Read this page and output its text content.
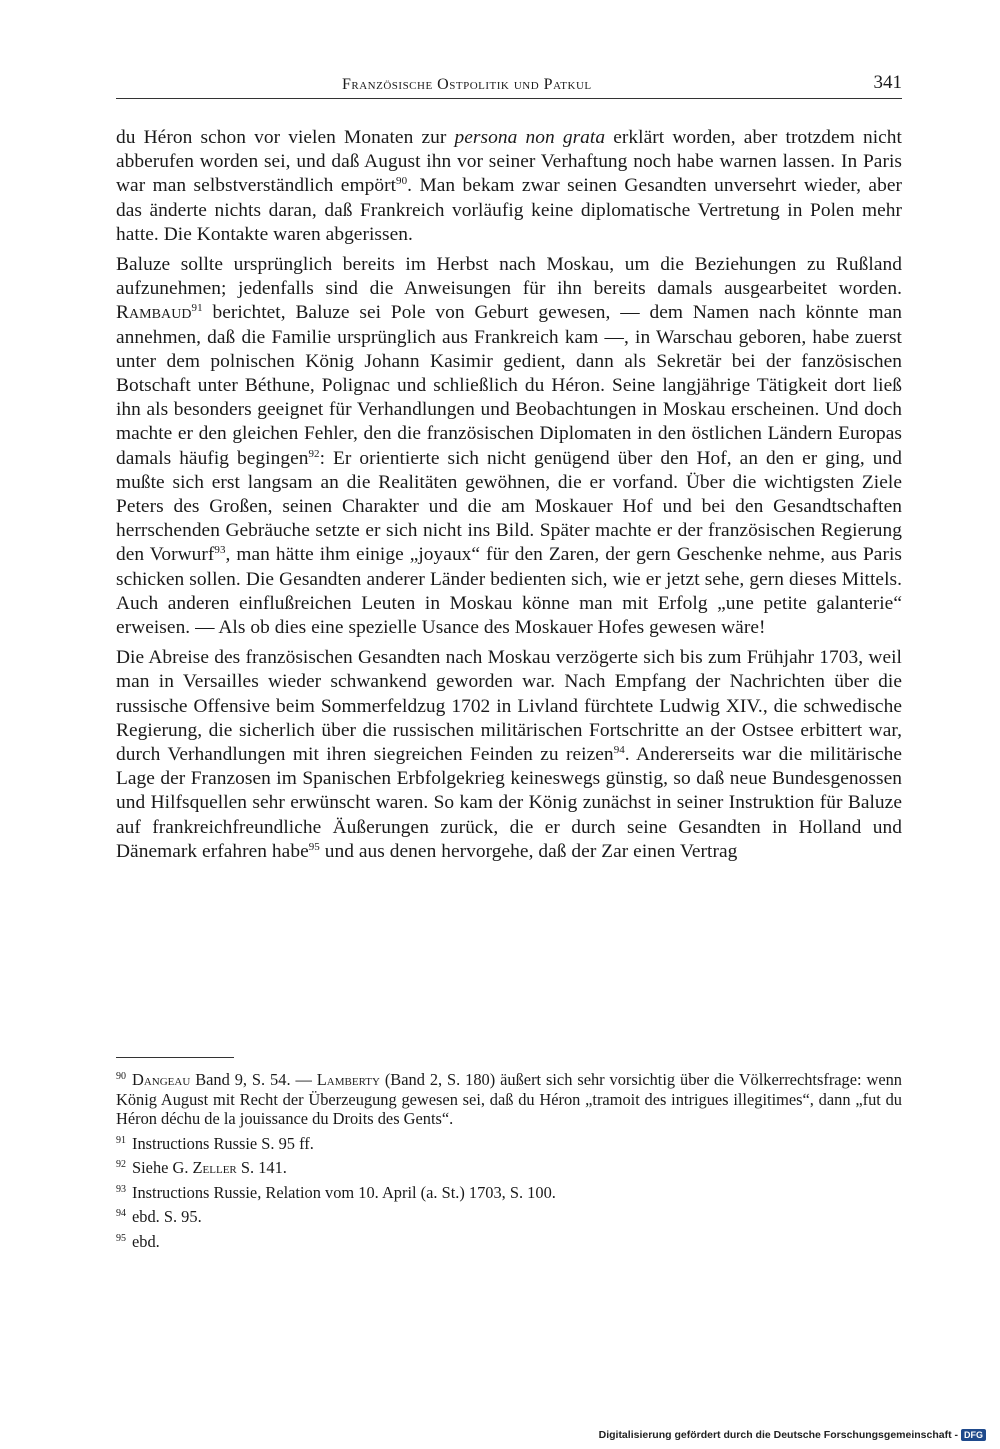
Französische Ostpolitik und Patkul	341

du Héron schon vor vielen Monaten zur persona non grata erklärt worden, aber trotzdem nicht abberufen worden sei, und daß August ihn vor seiner Verhaftung noch habe warnen lassen. In Paris war man selbstverständlich empört$^{90}$. Man bekam zwar seinen Gesandten unversehrt wieder, aber das änderte nichts daran, daß Frankreich vorläufig keine diplomatische Vertretung in Polen mehr hatte. Die Kontakte waren abgerissen.

Baluze sollte ursprünglich bereits im Herbst nach Moskau, um die Beziehungen zu Rußland aufzunehmen; jedenfalls sind die Anweisungen für ihn bereits damals ausgearbeitet worden. Rambaud$^{91}$ berichtet, Baluze sei Pole von Geburt gewesen, — dem Namen nach könnte man annehmen, daß die Familie ursprünglich aus Frankreich kam —, in Warschau geboren, habe zuerst unter dem polnischen König Johann Kasimir gedient, dann als Sekretär bei der fanzösischen Botschaft unter Béthune, Polignac und schließlich du Héron. Seine langjährige Tätigkeit dort ließ ihn als besonders geeignet für Verhandlungen und Beobachtungen in Moskau erscheinen. Und doch machte er den gleichen Fehler, den die französischen Diplomaten in den östlichen Ländern Europas damals häufig begingen$^{92}$: Er orientierte sich nicht genügend über den Hof, an den er ging, und mußte sich erst langsam an die Realitäten gewöhnen, die er vorfand. Über die wichtigsten Ziele Peters des Großen, seinen Charakter und die am Moskauer Hof und bei den Gesandtschaften herrschenden Gebräuche setzte er sich nicht ins Bild. Später machte er der französischen Regierung den Vorwurf$^{93}$, man hätte ihm einige „joyaux“ für den Zaren, der gern Geschenke nehme, aus Paris schicken sollen. Die Gesandten anderer Länder bedienten sich, wie er jetzt sehe, gern dieses Mittels. Auch anderen einflußreichen Leuten in Moskau könne man mit Erfolg „une petite galanterie“ erweisen. — Als ob dies eine spezielle Usance des Moskauer Hofes gewesen wäre!

Die Abreise des französischen Gesandten nach Moskau verzögerte sich bis zum Frühjahr 1703, weil man in Versailles wieder schwankend geworden war. Nach Empfang der Nachrichten über die russische Offensive beim Sommerfeldzug 1702 in Livland fürchtete Ludwig XIV., die schwedische Regierung, die sicherlich über die russischen militärischen Fortschritte an der Ostsee erbittert war, durch Verhandlungen mit ihren siegreichen Feinden zu reizen$^{94}$. Andererseits war die militärische Lage der Franzosen im Spanischen Erbfolgekrieg keineswegs günstig, so daß neue Bundesgenossen und Hilfsquellen sehr erwünscht waren. So kam der König zunächst in seiner Instruktion für Baluze auf frankreichfreundliche Äußerungen zurück, die er durch seine Gesandten in Holland und Dänemark erfahren habe$^{95}$ und aus denen hervorgehe, daß der Zar einen Vertrag

$^{90}$ Dangeau Band 9, S. 54. — Lamberty (Band 2, S. 180) äußert sich sehr vorsichtig über die Völkerrechtsfrage: wenn König August mit Recht der Überzeugung gewesen sei, daß du Héron „tramoit des intrigues illegitimes“, dann „fut du Héron déchu de la jouissance du Droits des Gents“.
$^{91}$ Instructions Russie S. 95 ff.
$^{92}$ Siehe G. Zeller S. 141.
$^{93}$ Instructions Russie, Relation vom 10. April (a. St.) 1703, S. 100.
$^{94}$ ebd. S. 95.
$^{95}$ ebd.
Digitalisierung gefördert durch die Deutsche Forschungsgemeinschaft - DFG
